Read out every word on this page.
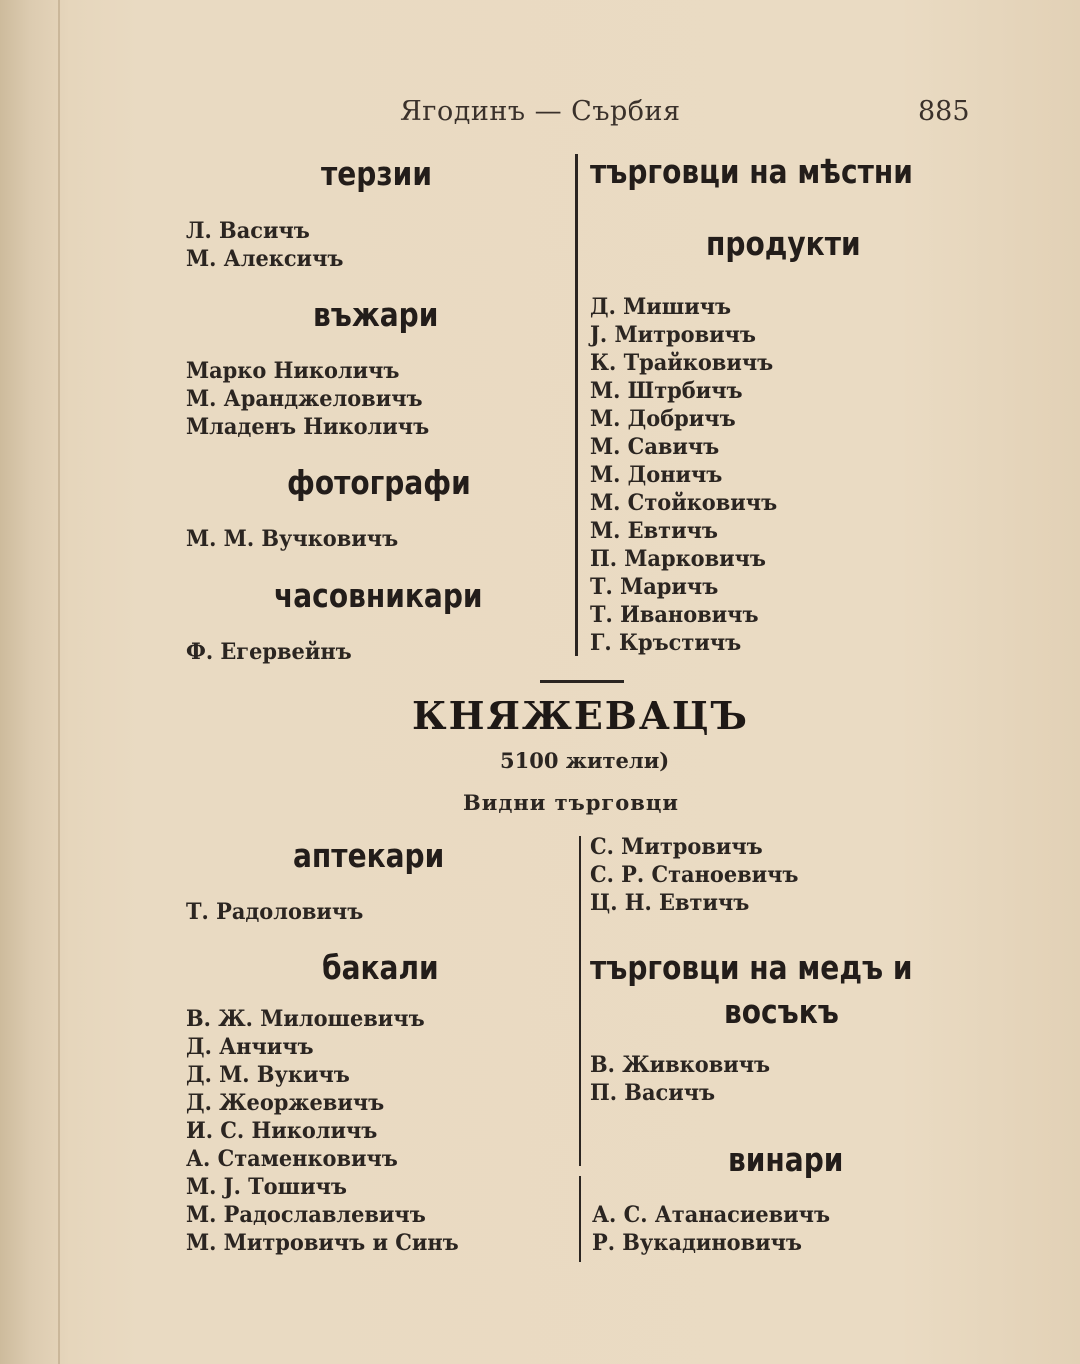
Ягодинъ — Сърбия	885
терзии
Л. Васичъ
М. Алексичъ
въжари
Марко Николичъ
М. Аранджеловичъ
Младенъ Николичъ
фотографи
М. М. Вучковичъ
часовникари
Ф. Егервейнъ
търговци на мѣстни
продукти
Д. Мишичъ
Ј. Митровичъ
К. Трайковичъ
М. Штрбичъ
М. Добричъ
М. Савичъ
М. Доничъ
М. Стойковичъ
М. Евтичъ
П. Марковичъ
Т. Маричъ
Т. Ивановичъ
Г. Кръстичъ
КНЯЖЕВАЦЪ
5100 жители)
Видни търговци
аптекари
Т. Радоловичъ
бакали
В. Ж. Милошевичъ
Д. Анчичъ
Д. М. Вукичъ
Д. Жеоржевичъ
И. С. Николичъ
А. Стаменковичъ
М. Ј. Тошичъ
М. Радославлевичъ
М. Митровичъ и Синъ
С. Митровичъ
С. Р. Станоевичъ
Ц. Н. Евтичъ
търговци на медъ и
восъкъ
В. Живковичъ
П. Васичъ
винари
А. С. Атанасиевичъ
Р. Вукадиновичъ
